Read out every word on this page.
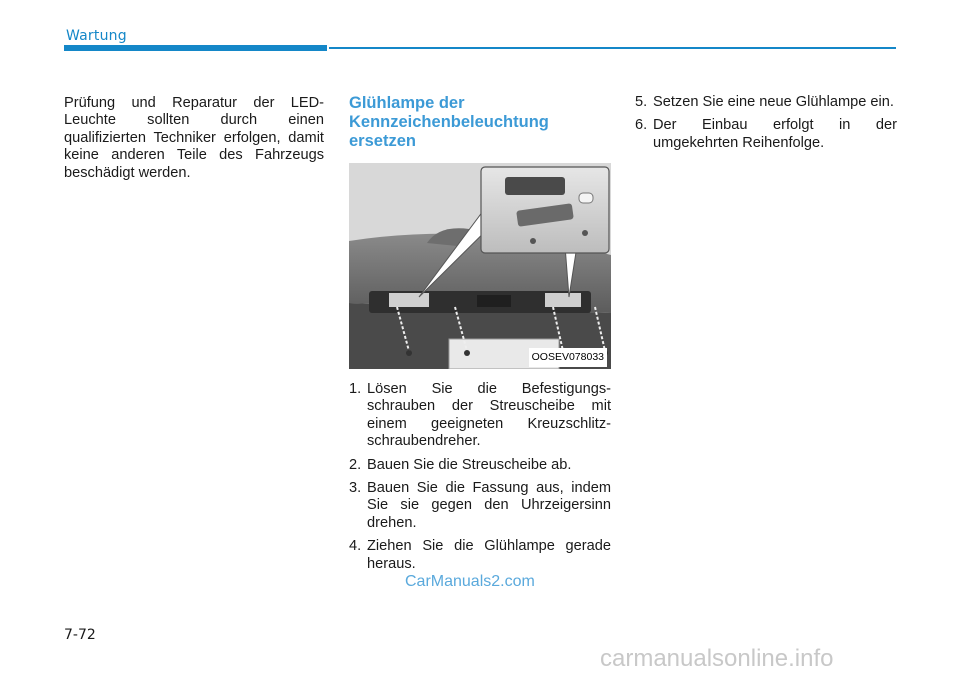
Wartung

Prüfung und Reparatur der LED-Leuchte sollten durch einen qualifizierten Techniker erfolgen, damit keine anderen Teile des Fahrzeugs beschädigt werden.

Glühlampe der Kennzeichenbeleuchtung ersetzen
OOSEV078033
1. Lösen Sie die Befestigungs- schrauben der Streuscheibe mit einem geeigneten Kreuzschlitz- schraubendreher.
2. Bauen Sie die Streuscheibe ab.
3. Bauen Sie die Fassung aus, indem Sie sie gegen den Uhrzeigersinn drehen.
4. Ziehen Sie die Glühlampe gerade heraus.
5. Setzen Sie eine neue Glühlampe ein.
6. Der Einbau erfolgt in der umgekehrten Reihenfolge.
7-72
CarManuals2.com
carmanualsonline.info
